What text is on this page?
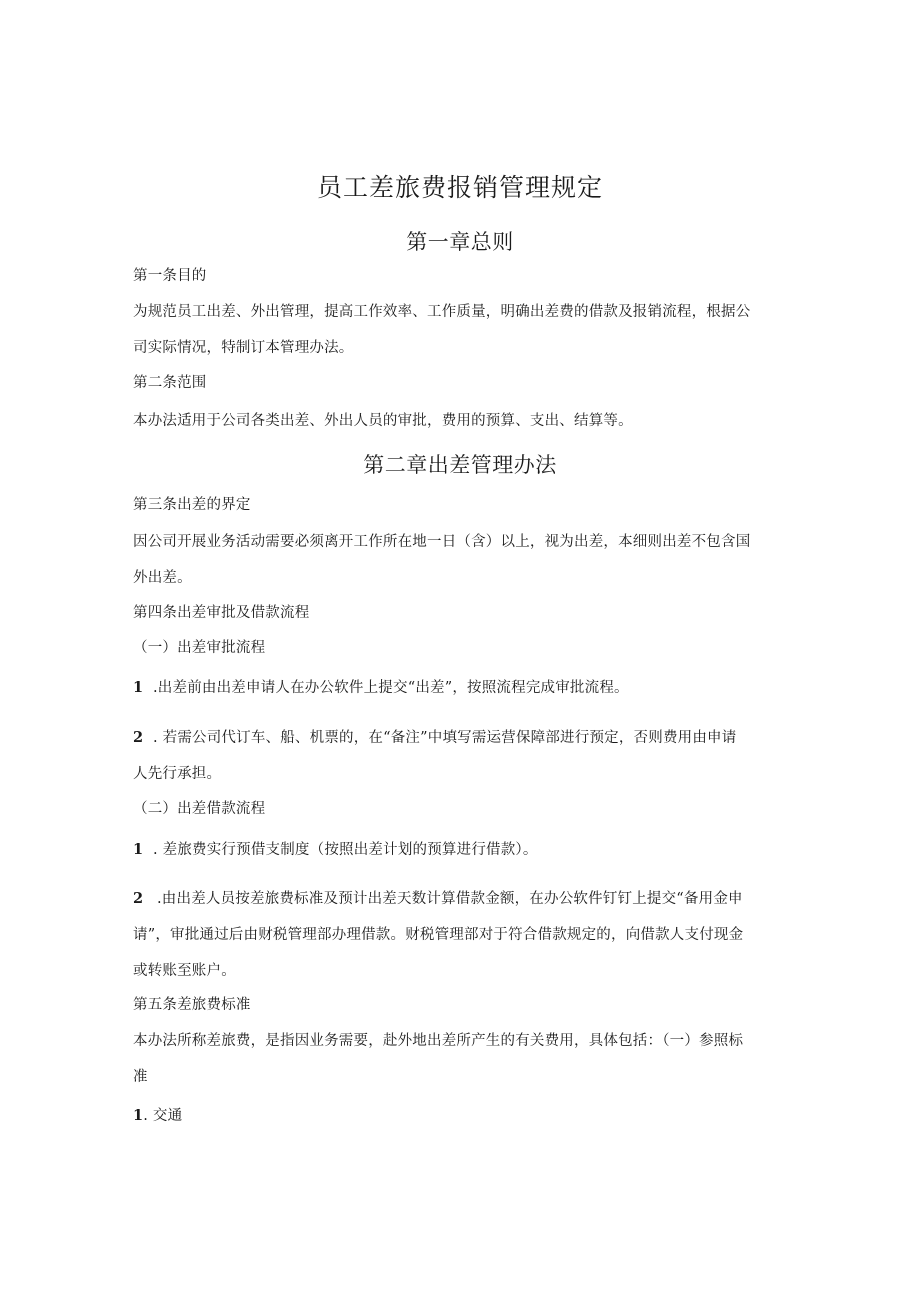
员工差旅费报销管理规定
第一章总则
第一条目的
为规范员工出差、外出管理，提高工作效率、工作质量，明确出差费的借款及报销流程，根据公
司实际情况，特制订本管理办法。
第二条范围
本办法适用于公司各类出差、外出人员的审批，费用的预算、支出、结算等。
第二章出差管理办法
第三条出差的界定
因公司开展业务活动需要必须离开工作所在地一日（含）以上，视为出差，本细则出差不包含国
外出差。
第四条出差审批及借款流程
（一）出差审批流程
1 .出差前由出差申请人在办公软件上提交“出差”，按照流程完成审批流程。
2 . 若需公司代订车、船、机票的，在“备注”中填写需运营保障部进行预定，否则费用由申请
人先行承担。
（二）出差借款流程
1 . 差旅费实行预借支制度（按照出差计划的预算进行借款）。
2 .由出差人员按差旅费标准及预计出差天数计算借款金额，在办公软件钉钉上提交“备用金申
请”，审批通过后由财税管理部办理借款。财税管理部对于符合借款规定的，向借款人支付现金
或转账至账户。
第五条差旅费标准
本办法所称差旅费，是指因业务需要，赴外地出差所产生的有关费用，具体包括：（一）参照标
准
1. 交通
